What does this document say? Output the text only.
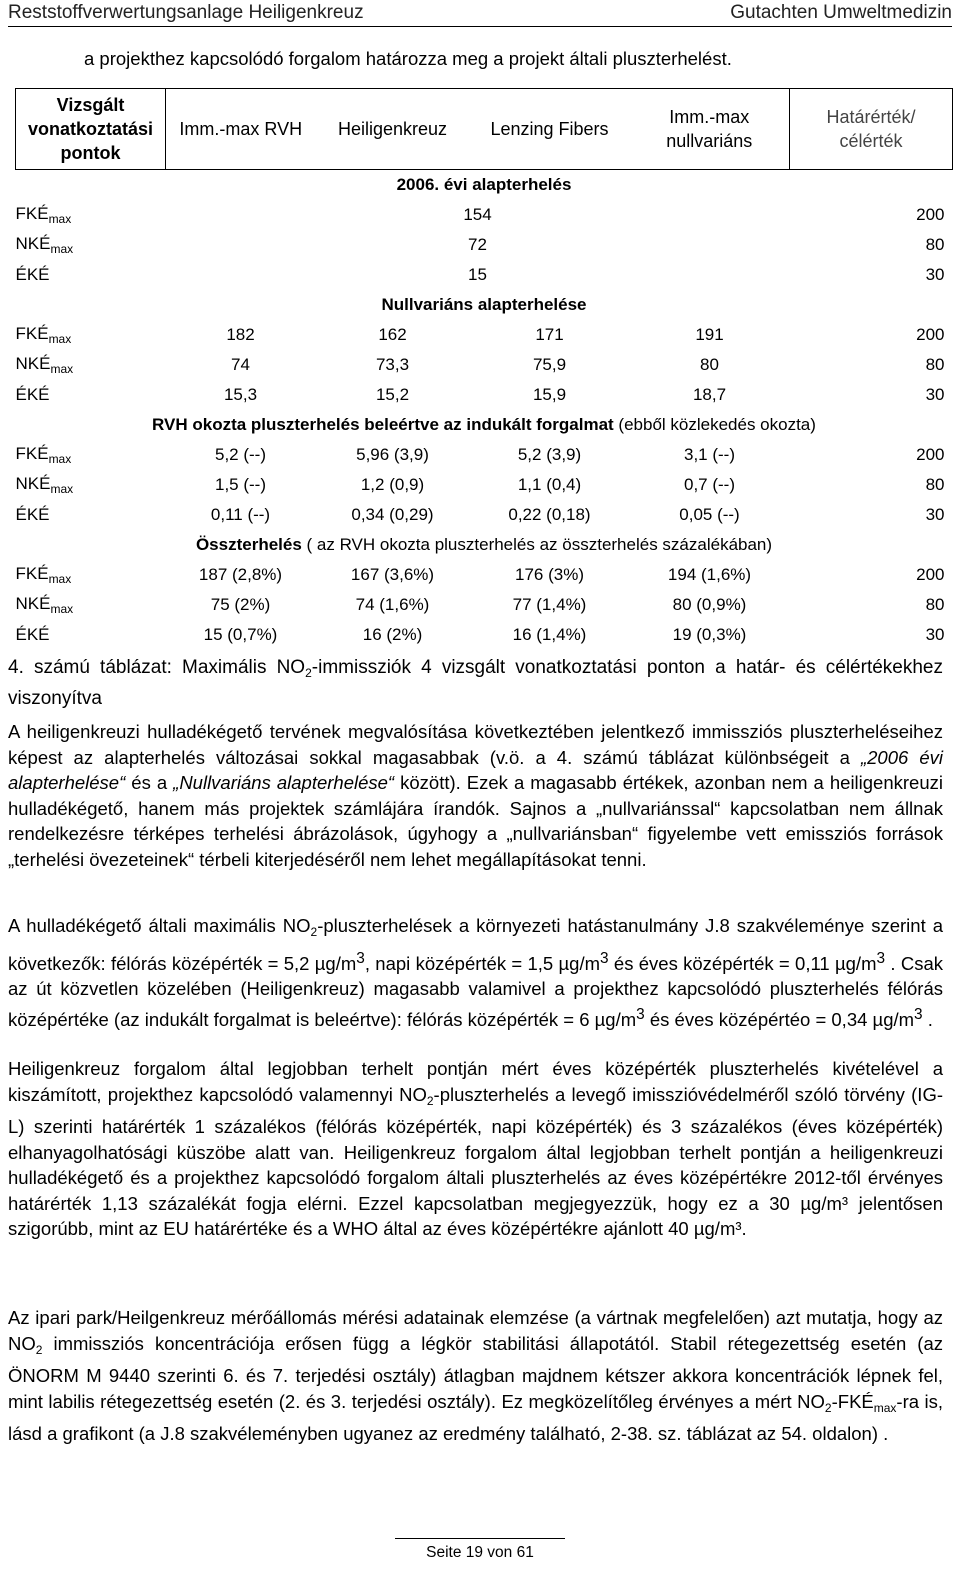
Reststoffverwertungsanlage Heiligenkreuz	Gutachten Umweltmedizin
a projekthez kapcsolódó forgalom határozza meg a projekt általi pluszterhelést.
Vizsgált vonatkoztatási pontok	Imm.-max RVH	Heiligenkreuz	Lenzing Fibers	Imm.-max nullvariáns	Határérték/ célérték
2006. évi alapterhelés					
$FKÉ_{max}$	154				200
$NKÉ_{max}$	72				80
ÉKÉ	15				30
Nullvariáns alapterhelése					
$FKÉ_{max}$	182	162	171	191	200
$NKÉ_{max}$	74	73,3	75,9	80	80
ÉKÉ	15,3	15,2	15,9	18,7	30
RVH okozta pluszterhelés beleértve az indukált forgalmat (ebből közlekedés okozta)					
$FKÉ_{max}$	5,2 (--)	5,96 (3,9)	5,2 (3,9)	3,1 (--)	200
$NKÉ_{max}$	1,5 (--)	1,2 (0,9)	1,1 (0,4)	0,7 (--)	80
ÉKÉ	0,11 (--)	0,34 (0,29)	0,22 (0,18)	0,05 (--)	30
Összterhelés ( az RVH okozta pluszterhelés az összterhelés százalékában)					
$FKÉ_{max}$	187 (2,8%)	167 (3,6%)	176 (3%)	194 (1,6%)	200
$NKÉ_{max}$	75 (2%)	74 (1,6%)	77 (1,4%)	80 (0,9%)	80
ÉKÉ	15 (0,7%)	16 (2%)	16 (1,4%)	19 (0,3%)	30
4. számú táblázat: Maximális $NO_2$-immissziók 4 vizsgált vonatkoztatási ponton a határ- és célértékekhez viszonyítva

A heiligenkreuzi hulladékégető tervének megvalósítása következtében jelentkező immissziós pluszterheléseihez képest az alapterhelés változásai sokkal magasabbak (v.ö. a 4. számú táblázat különbségeit a „2006 évi alapterhelése“ és a „Nullvariáns alapterhelése“ között). Ezek a magasabb értékek, azonban nem a heiligenkreuzi hulladékégető, hanem más projektek számlájára írandók. Sajnos a „nullvariánssal“ kapcsolatban nem állnak rendelkezésre térképes terhelési ábrázolások, úgyhogy a „nullvariánsban“ figyelembe vett emissziós források „terhelési övezeteinek“ térbeli kiterjedéséről nem lehet megállapításokat tenni.

A hulladékégető általi maximális $NO_2$-pluszterhelések a környezeti hatástanulmány J.8 szakvéleménye szerint a következők: félórás középérték = 5,2 $\mu g/m^3$, napi középérték = 1,5 $\mu g/m^3$ és éves középérték = 0,11 $\mu g/m^3$ . Csak az út közvetlen közelében (Heiligenkreuz) magasabb valamivel a projekthez kapcsolódó pluszterhelés félórás középértéke (az indukált forgalmat is beleértve): félórás középérték = 6 $\mu g/m^3$ és éves középértéo = 0,34 $\mu g/m^3$ .

Heiligenkreuz forgalom által legjobban terhelt pontján mért éves középérték pluszterhelés kivételével a kiszámított, projekthez kapcsolódó valamennyi $NO_2$-pluszterhelés a levegő imisszióvédelméről szóló törvény (IG-L) szerinti határérték 1 százalékos (félórás középérték, napi középérték) és 3 százalékos (éves középérték) elhanyagolhatósági küszöbe alatt van. Heiligenkreuz forgalom által legjobban terhelt pontján a heiligenkreuzi hulladékégető és a projekthez kapcsolódó forgalom általi pluszterhelés az éves középértékre 2012-től érvényes határérték 1,13 százalékát fogja elérni. Ezzel kapcsolatban megjegyezzük, hogy ez a 30 µg/m³ jelentősen szigorúbb, mint az EU határértéke és a WHO által az éves középértékre ajánlott 40 µg/m³.

Az ipari park/Heilgenkreuz mérőállomás mérési adatainak elemzése (a vártnak megfelelően) azt mutatja, hogy az $NO_2$ immissziós koncentrációja erősen függ a légkör stabilitási állapotától. Stabil rétegezettség esetén (az ÖNORM M 9440 szerinti 6. és 7. terjedési osztály) átlagban majdnem kétszer akkora koncentrációk lépnek fel, mint labilis rétegezettség esetén (2. és 3. terjedési osztály). Ez megközelítőleg érvényes a mért $NO_2-FKÉ_{max}-ra$ is, lásd a grafikont (a J.8 szakvéleményben ugyanez az eredmény található, 2-38. sz. táblázat az 54. oldalon) .

Seite 19 von 61
